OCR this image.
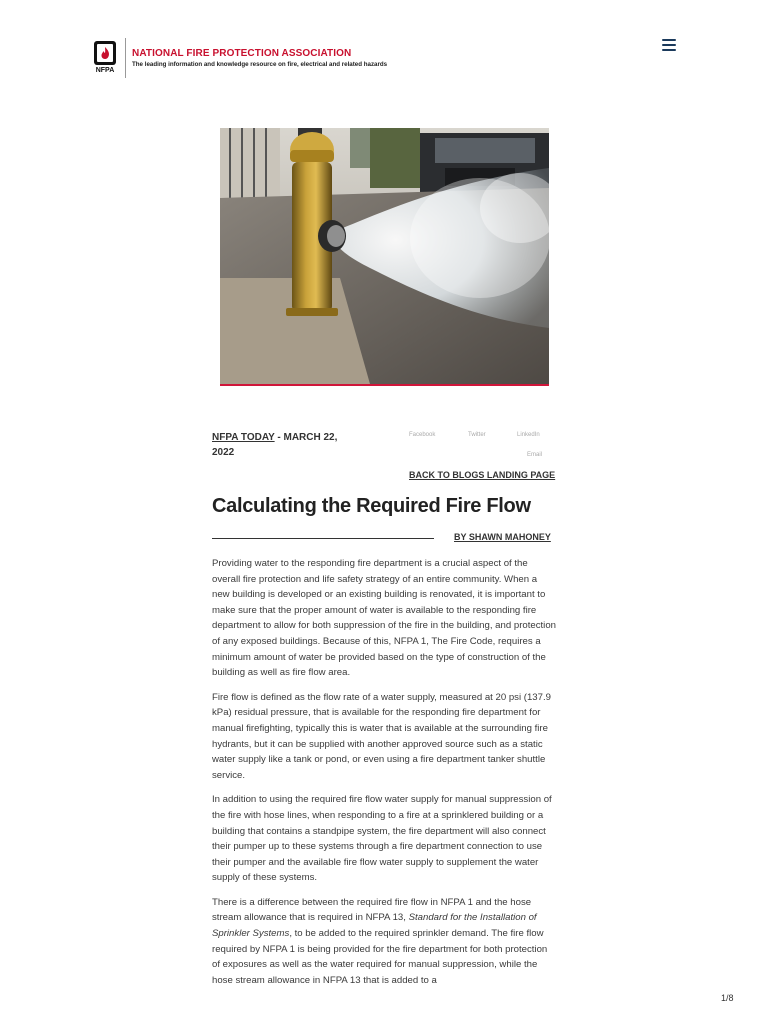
NFPA
NATIONAL FIRE PROTECTION ASSOCIATION
The leading information and knowledge resource on fire, electrical and related hazards
NFPA TODAY - MARCH 22,
2022
Facebook	Twitter	LinkedIn
Email
BACK TO BLOGS LANDING PAGE
Calculating the Required Fire Flow
BY SHAWN MAHONEY

Providing water to the responding fire department is a crucial aspect of the overall fire protection and life safety strategy of an entire community. When a new building is developed or an existing building is renovated, it is important to make sure that the proper amount of water is available to the responding fire department to allow for both suppression of the fire in the building, and protection of any exposed buildings. Because of this, NFPA 1, The Fire Code, requires a minimum amount of water be provided based on the type of construction of the building as well as fire flow area.

Fire flow is defined as the flow rate of a water supply, measured at 20 psi (137.9 kPa) residual pressure, that is available for the responding fire department for manual firefighting, typically this is water that is available at the surrounding fire hydrants, but it can be supplied with another approved source such as a static water supply like a tank or pond, or even using a fire department tanker shuttle service.

In addition to using the required fire flow water supply for manual suppression of the fire with hose lines, when responding to a fire at a sprinklered building or a building that contains a standpipe system, the fire department will also connect their pumper up to these systems through a fire department connection to use their pumper and the available fire flow water supply to supplement the water supply of these systems.

There is a difference between the required fire flow in NFPA 1 and the hose stream allowance that is required in NFPA 13, Standard for the Installation of Sprinkler Systems, to be added to the required sprinkler demand. The fire flow required by NFPA 1 is being provided for the fire department for both protection of exposures as well as the water required for manual suppression, while the hose stream allowance in NFPA 13 that is added to a

1/8
